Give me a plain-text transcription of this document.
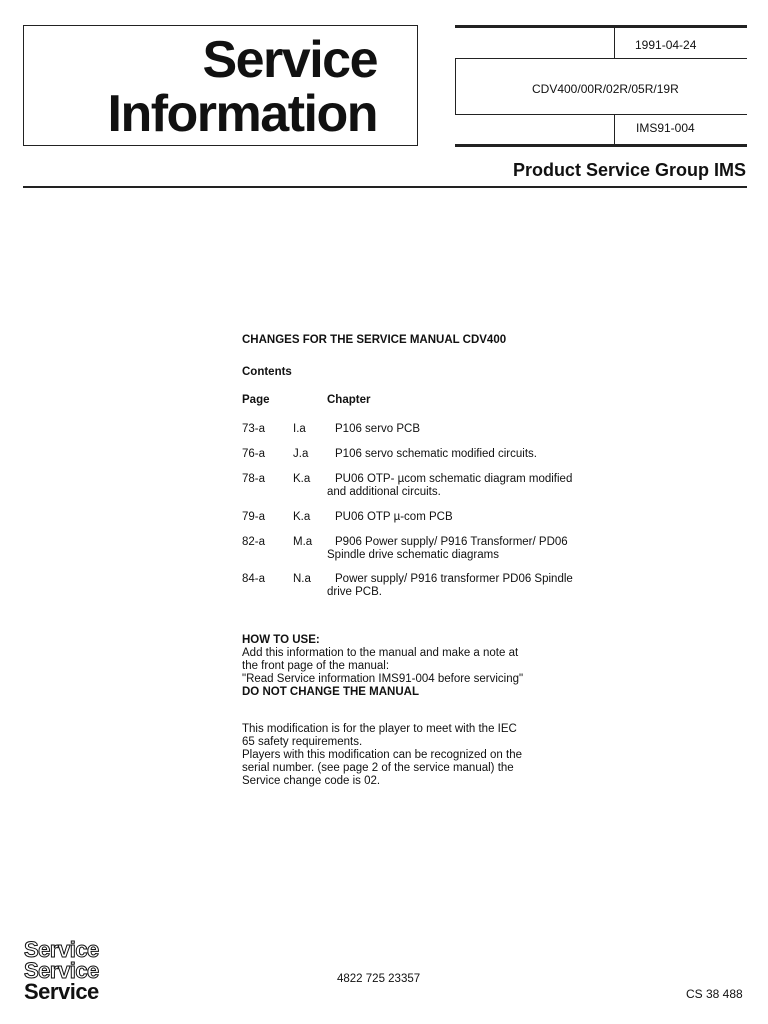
Service
Information
1991-04-24
CDV400/00R/02R/05R/19R
IMS91-004
Product Service Group IMS
CHANGES FOR THE SERVICE MANUAL CDV400
Contents
Page	Chapter
73-a I.a	P106 servo PCB
76-a J.a P106 servo schematic modified circuits.
78-a K.a PU06 OTP- µcom schematic diagram modified
and additional circuits.
79-a K.a PU06 OTP µ-com PCB
82-a M.a P906 Power supply/ P916 Transformer/ PD06
Spindle drive schematic diagrams
84-a N.a Power supply/ P916 transformer PD06 Spindle
drive PCB.
HOW TO USE:
Add this information to the manual and make a note at
the front page of the manual:
"Read Service information IMS91-004 before servicing"
DO NOT CHANGE THE MANUAL
This modification is for the player to meet with the IEC
65 safety requirements.
Players with this modification can be recognized on the
serial number. (see page 2 of the service manual) the
Service change code is 02.
Service
Service
Service	4822 725 23357
CS 38 488
